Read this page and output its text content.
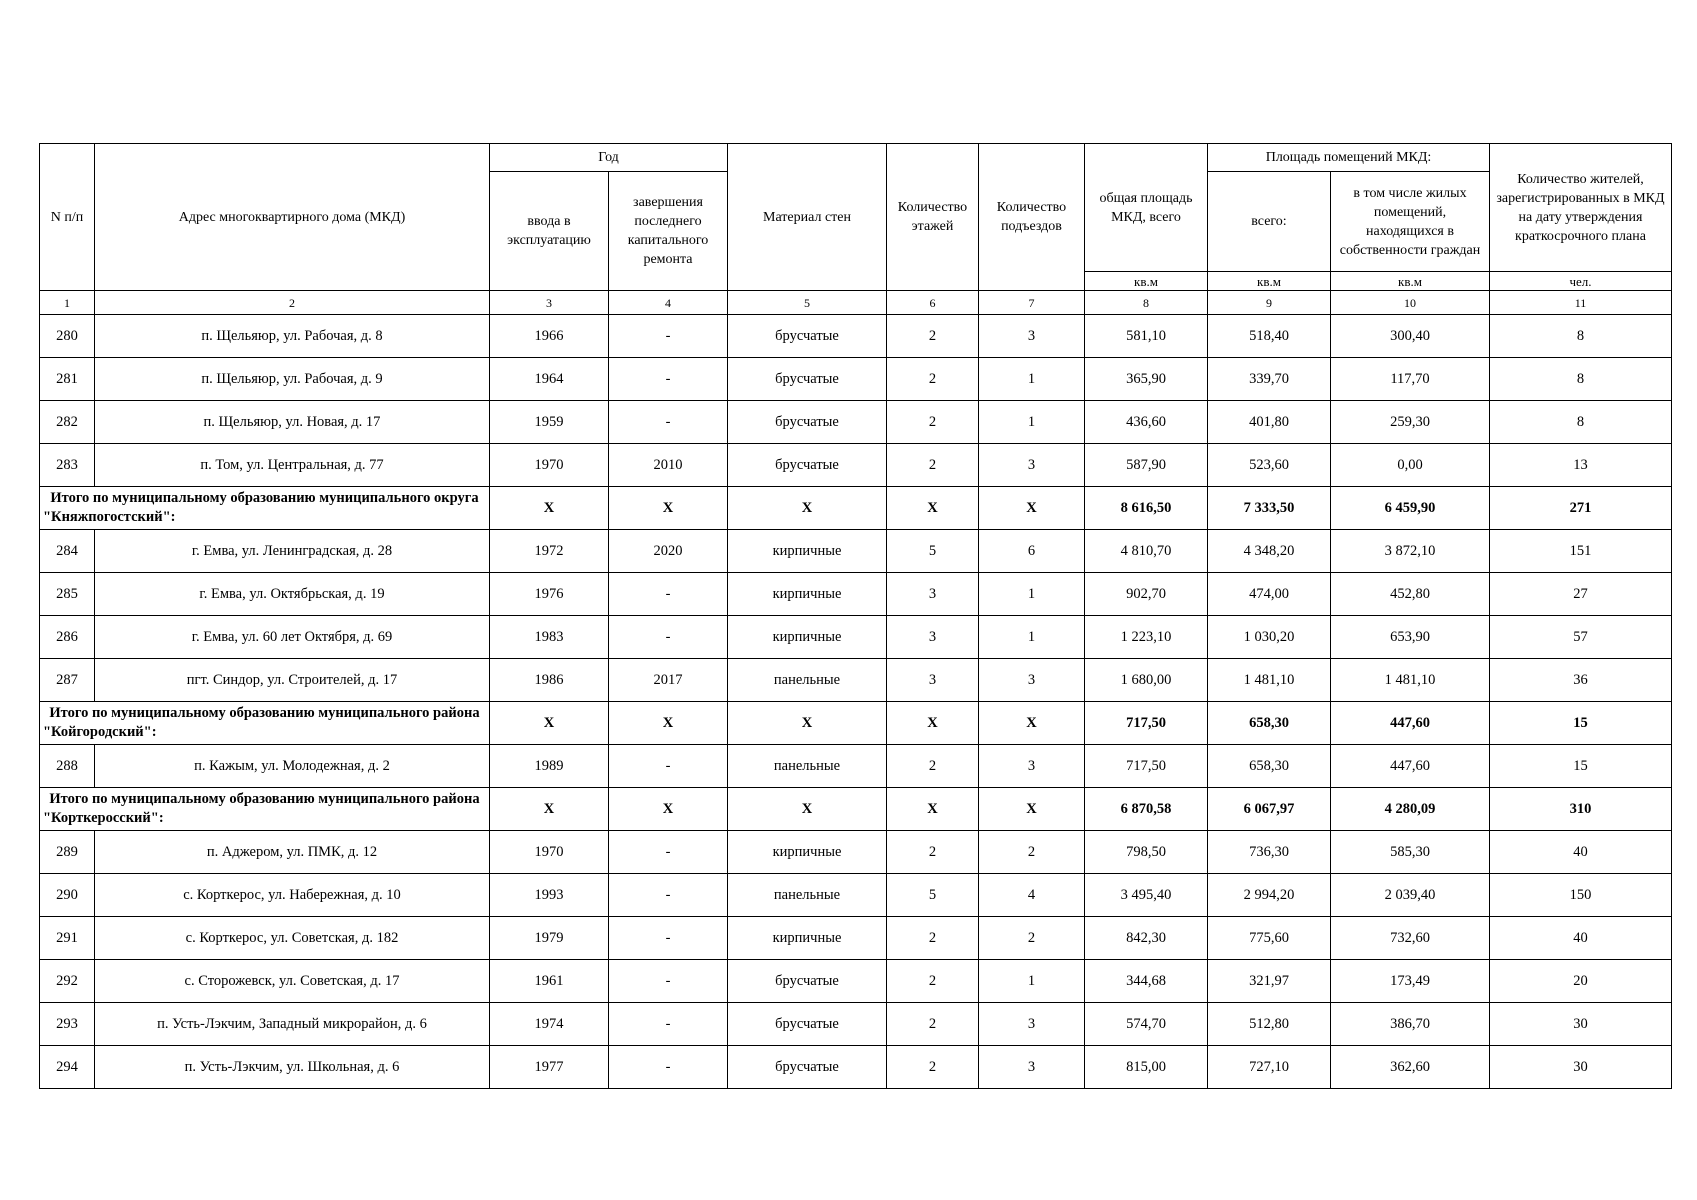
N п/п	Адрес многоквартирного дома (МКД)	Год		Материал стен	Количество этажей	Количество подъездов	общая площадь МКД, всего	Площадь помещений МКД:		Количество жителей, зарегистрированных в МКД на дату утверждения краткосрочного плана
		ввода в эксплуатацию	завершения последнего капитального ремонта					всего:	в том числе жилых помещений, находящихся в собственности граждан	
							кв.м	кв.м	кв.м	чел.
1	2	3	4	5	6	7	8	9	10	11
280	п. Щельяюр, ул. Рабочая, д. 8	1966	-	брусчатые	2	3	581,10	518,40	300,40	8
281	п. Щельяюр, ул. Рабочая, д. 9	1964	-	брусчатые	2	1	365,90	339,70	117,70	8
282	п. Щельяюр, ул. Новая, д. 17	1959	-	брусчатые	2	1	436,60	401,80	259,30	8
283	п. Том, ул. Центральная, д. 77	1970	2010	брусчатые	2	3	587,90	523,60	0,00	13
Итого по муниципальному образованию муниципального округа "Княжпогостский":		X	X	X	X	X	8 616,50	7 333,50	6 459,90	271
284	г. Емва, ул. Ленинградская, д. 28	1972	2020	кирпичные	5	6	4 810,70	4 348,20	3 872,10	151
285	г. Емва, ул. Октябрьская, д. 19	1976	-	кирпичные	3	1	902,70	474,00	452,80	27
286	г. Емва, ул. 60 лет Октября, д. 69	1983	-	кирпичные	3	1	1 223,10	1 030,20	653,90	57
287	пгт. Синдор, ул. Строителей, д. 17	1986	2017	панельные	3	3	1 680,00	1 481,10	1 481,10	36
Итого по муниципальному образованию муниципального района "Койгородский":		X	X	X	X	X	717,50	658,30	447,60	15
288	п. Кажым, ул. Молодежная, д. 2	1989	-	панельные	2	3	717,50	658,30	447,60	15
Итого по муниципальному образованию муниципального района "Корткеросский":		X	X	X	X	X	6 870,58	6 067,97	4 280,09	310
289	п. Аджером, ул. ПМК, д. 12	1970	-	кирпичные	2	2	798,50	736,30	585,30	40
290	с. Корткерос, ул. Набережная, д. 10	1993	-	панельные	5	4	3 495,40	2 994,20	2 039,40	150
291	с. Корткерос, ул. Советская, д. 182	1979	-	кирпичные	2	2	842,30	775,60	732,60	40
292	с. Сторожевск, ул. Советская, д. 17	1961	-	брусчатые	2	1	344,68	321,97	173,49	20
293	п. Усть-Лэкчим, Западный микрорайон, д. 6	1974	-	брусчатые	2	3	574,70	512,80	386,70	30
294	п. Усть-Лэкчим, ул. Школьная, д. 6	1977	-	брусчатые	2	3	815,00	727,10	362,60	30
